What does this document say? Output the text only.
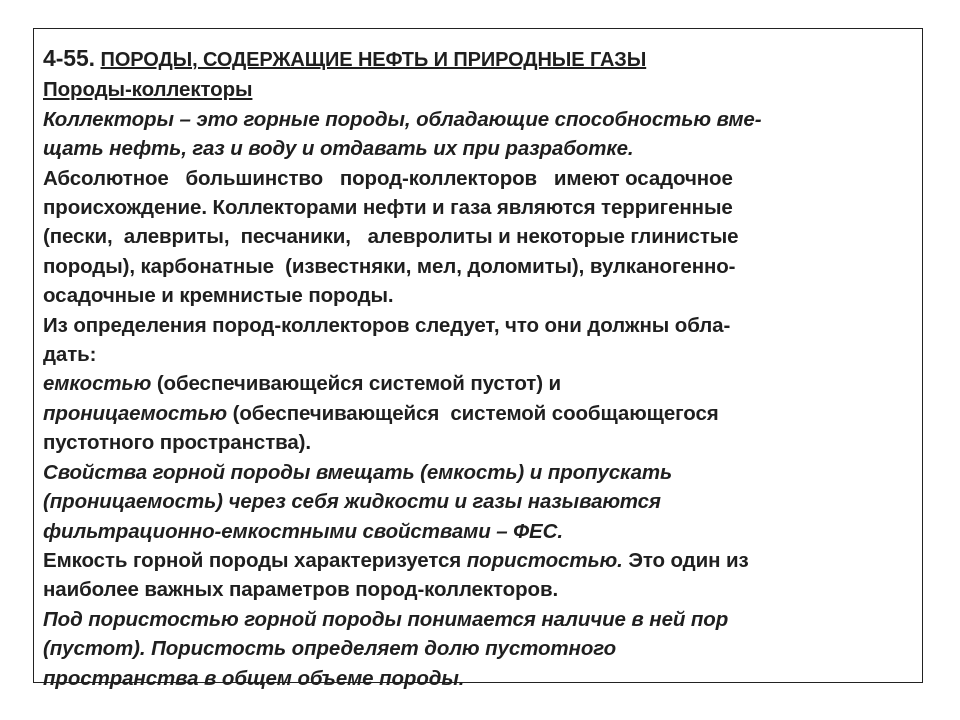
4-55. ПОРОДЫ, СОДЕРЖАЩИЕ НЕФТЬ И ПРИРОДНЫЕ ГАЗЫ
Породы-коллекторы
Коллекторы – это горные породы, обладающие способностью вме-
щать нефть, газ и воду и отдавать их при разработке.
Абсолютное   большинство   пород-коллекторов   имеют осадочное
происхождение. Коллекторами нефти и газа являются терригенные
(пески,  алевриты,  песчаники,   алевролиты и некоторые глинистые
породы), карбонатные  (известняки, мел, доломиты), вулканогенно-
осадочные и кремнистые породы.
Из определения пород-коллекторов следует, что они должны обла-
дать:
емкостью (обеспечивающейся системой пустот) и
проницаемостью (обеспечивающейся  системой сообщающегося
пустотного пространства).
Свойства горной породы вмещать (емкость) и пропускать
(проницаемость) через себя жидкости и газы называются
фильтрационно-емкостными свойствами – ФЕС.
Емкость горной породы характеризуется пористостью. Это один из
наиболее важных параметров пород-коллекторов.
Под пористостью горной породы понимается наличие в ней пор
(пустот). Пористость определяет долю пустотного
пространства в общем объеме породы.
